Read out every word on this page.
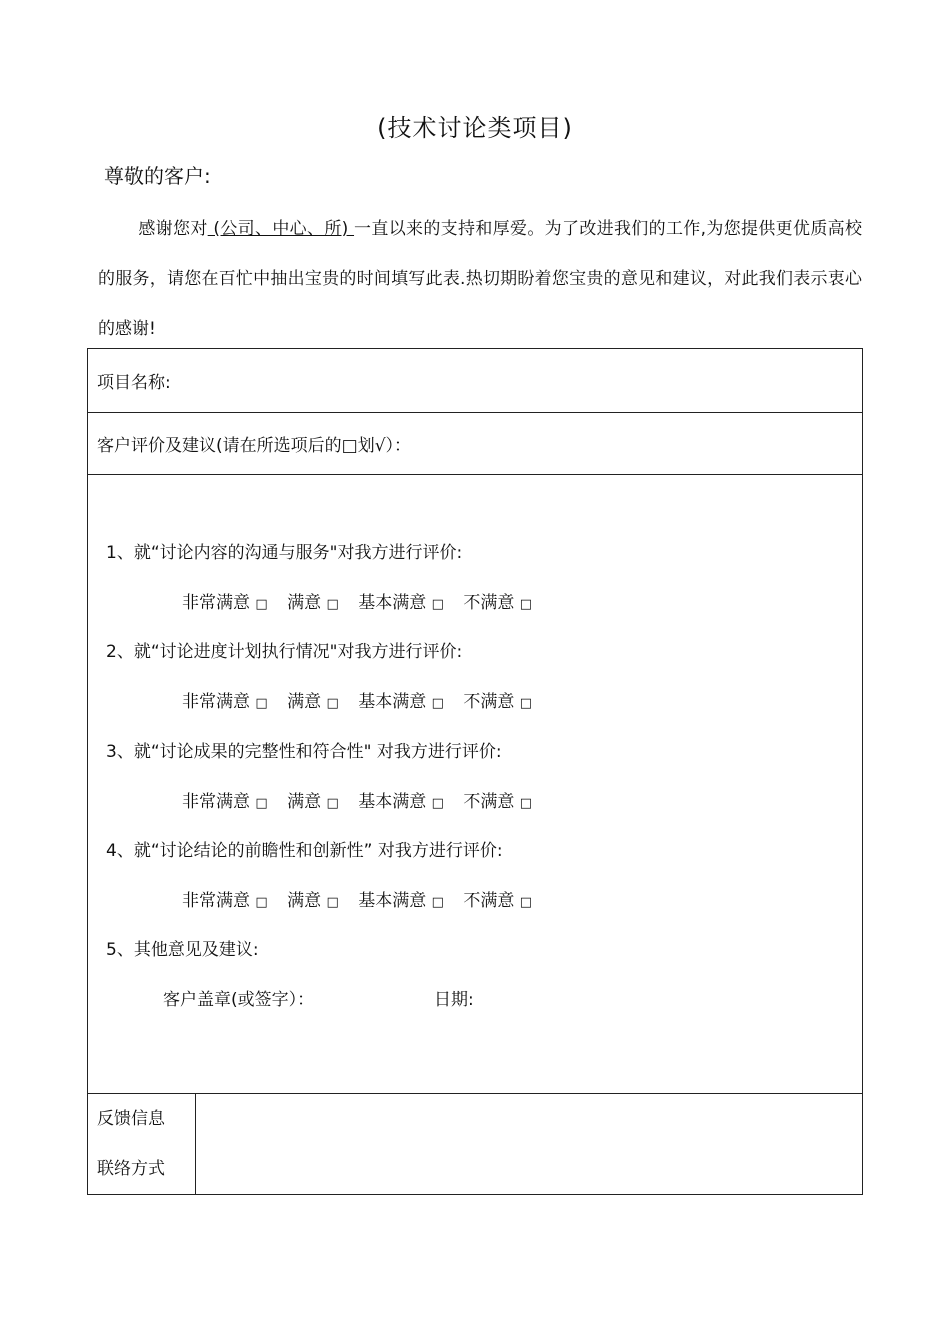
(技术讨论类项目)
尊敬的客户:
感谢您对 (公司、中心、所) 一直以来的支持和厚爱。为了改进我们的工作,为您提供更优质高校的服务，请您在百忙中抽出宝贵的时间填写此表.热切期盼着您宝贵的意见和建议，对此我们表示衷心的感谢!
项目名称:
客户评价及建议(请在所选项后的□划√）：

1、就“讨论内容的沟通与服务"对我方进行评价:
非常满意 □ 满意 □ 基本满意 □ 不满意 □
2、就“讨论进度计划执行情况"对我方进行评价:
非常满意 □ 满意 □ 基本满意 □ 不满意 □
3、就“讨论成果的完整性和符合性" 对我方进行评价:
非常满意 □ 满意 □ 基本满意 □ 不满意 □
4、就“讨论结论的前瞻性和创新性” 对我方进行评价:
非常满意 □ 满意 □ 基本满意 □ 不满意 □
5、其他意见及建议:
客户盖章(或签字）：	日期:

反馈信息
联络方式
